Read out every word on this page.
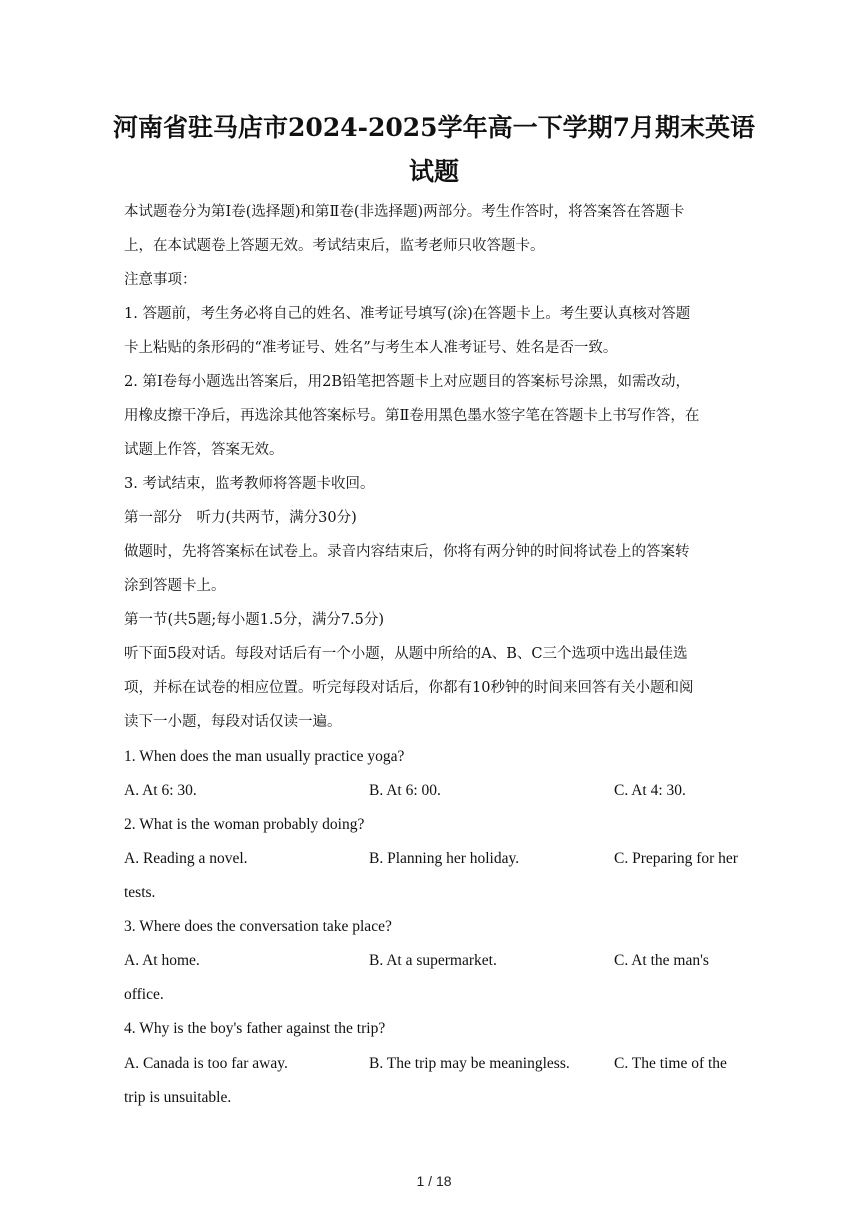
河南省驻马店市2024-2025学年高一下学期7月期末英语
试题
本试题卷分为第Ⅰ卷(选择题)和第Ⅱ卷(非选择题)两部分。考生作答时，将答案答在答题卡
上，在本试题卷上答题无效。考试结束后，监考老师只收答题卡。
注意事项：
1. 答题前，考生务必将自己的姓名、准考证号填写(涂)在答题卡上。考生要认真核对答题
卡上粘贴的条形码的“准考证号、姓名”与考生本人准考证号、姓名是否一致。
2. 第Ⅰ卷每小题选出答案后，用2B铅笔把答题卡上对应题目的答案标号涂黑，如需改动，
用橡皮擦干净后，再选涂其他答案标号。第Ⅱ卷用黑色墨水签字笔在答题卡上书写作答，在
试题上作答，答案无效。
3. 考试结束，监考教师将答题卡收回。
第一部分　听力(共两节，满分30分)
做题时，先将答案标在试卷上。录音内容结束后，你将有两分钟的时间将试卷上的答案转
涂到答题卡上。
第一节(共5题;每小题1.5分，满分7.5分)
听下面5段对话。每段对话后有一个小题，从题中所给的A、B、C三个选项中选出最佳选
项，并标在试卷的相应位置。听完每段对话后，你都有10秒钟的时间来回答有关小题和阅
读下一小题，每段对话仅读一遍。
1. When does the man usually practice yoga?
A. At 6: 30.	B. At 6: 00.	C. At 4: 30.
2. What is the woman probably doing?
A. Reading a novel.	B. Planning her holiday.	C. Preparing for her
tests.
3. Where does the conversation take place?
A. At home.	B. At a supermarket.	C. At the man's
office.
4. Why is the boy's father against the trip?
A. Canada is too far away.	B. The trip may be meaningless.	C. The time of the
trip is unsuitable.
1 / 18
